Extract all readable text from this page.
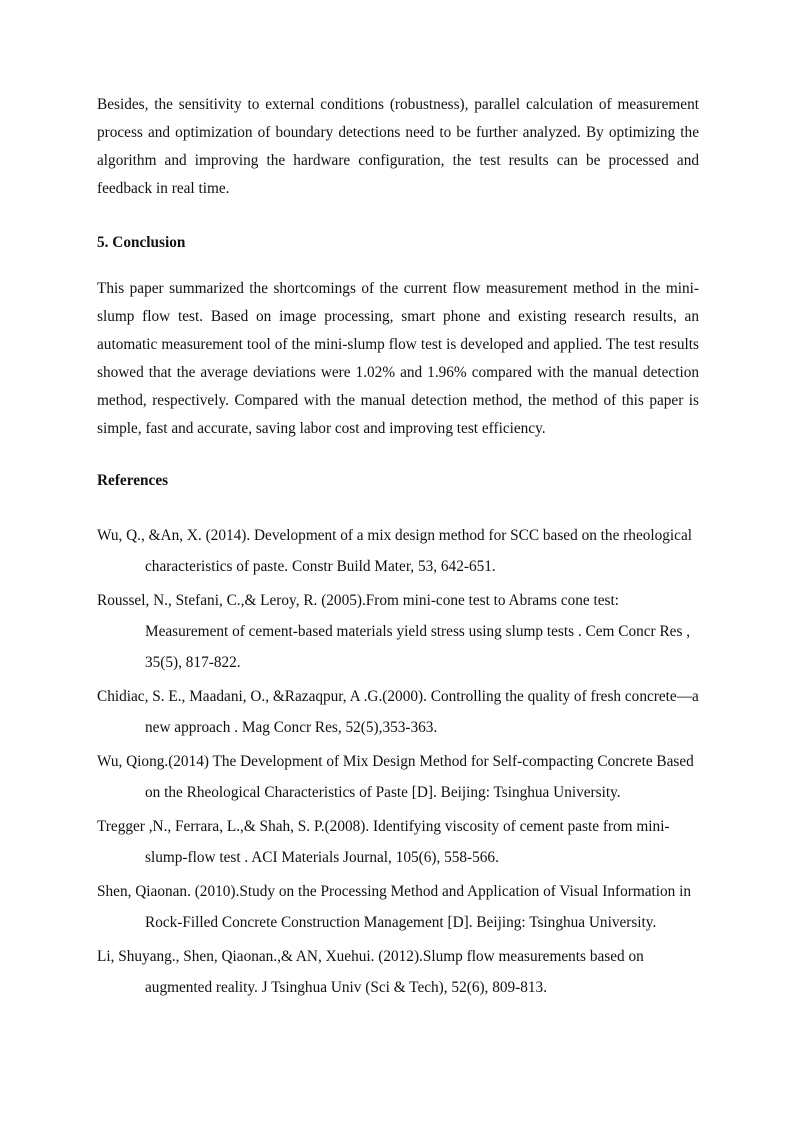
Besides, the sensitivity to external conditions (robustness), parallel calculation of measurement process and optimization of boundary detections need to be further analyzed. By optimizing the algorithm and improving the hardware configuration, the test results can be processed and feedback in real time.

5. Conclusion

This paper summarized the shortcomings of the current flow measurement method in the mini-slump flow test. Based on image processing, smart phone and existing research results, an automatic measurement tool of the mini-slump flow test is developed and applied. The test results showed that the average deviations were 1.02% and 1.96% compared with the manual detection method, respectively. Compared with the manual detection method, the method of this paper is simple, fast and accurate, saving labor cost and improving test efficiency.

References
Wu, Q., &An, X. (2014). Development of a mix design method for SCC based on the rheological characteristics of paste. Constr Build Mater, 53, 642-651.
Roussel, N., Stefani, C.,& Leroy, R. (2005).From mini-cone test to Abrams cone test: Measurement of cement-based materials yield stress using slump tests . Cem Concr Res , 35(5), 817-822.
Chidiac, S. E., Maadani, O., &Razaqpur, A .G.(2000). Controlling the quality of fresh concrete—a new approach . Mag Concr Res, 52(5),353-363.
Wu, Qiong.(2014) The Development of Mix Design Method for Self-compacting Concrete Based on the Rheological Characteristics of Paste [D]. Beijing: Tsinghua University.
Tregger ,N., Ferrara, L.,& Shah, S. P.(2008). Identifying viscosity of cement paste from mini-slump-flow test . ACI Materials Journal, 105(6), 558-566.
Shen, Qiaonan. (2010).Study on the Processing Method and Application of Visual Information in Rock-Filled Concrete Construction Management [D]. Beijing: Tsinghua University.
Li, Shuyang., Shen, Qiaonan.,& AN, Xuehui. (2012).Slump flow measurements based on augmented reality. J Tsinghua Univ (Sci & Tech), 52(6), 809-813.
